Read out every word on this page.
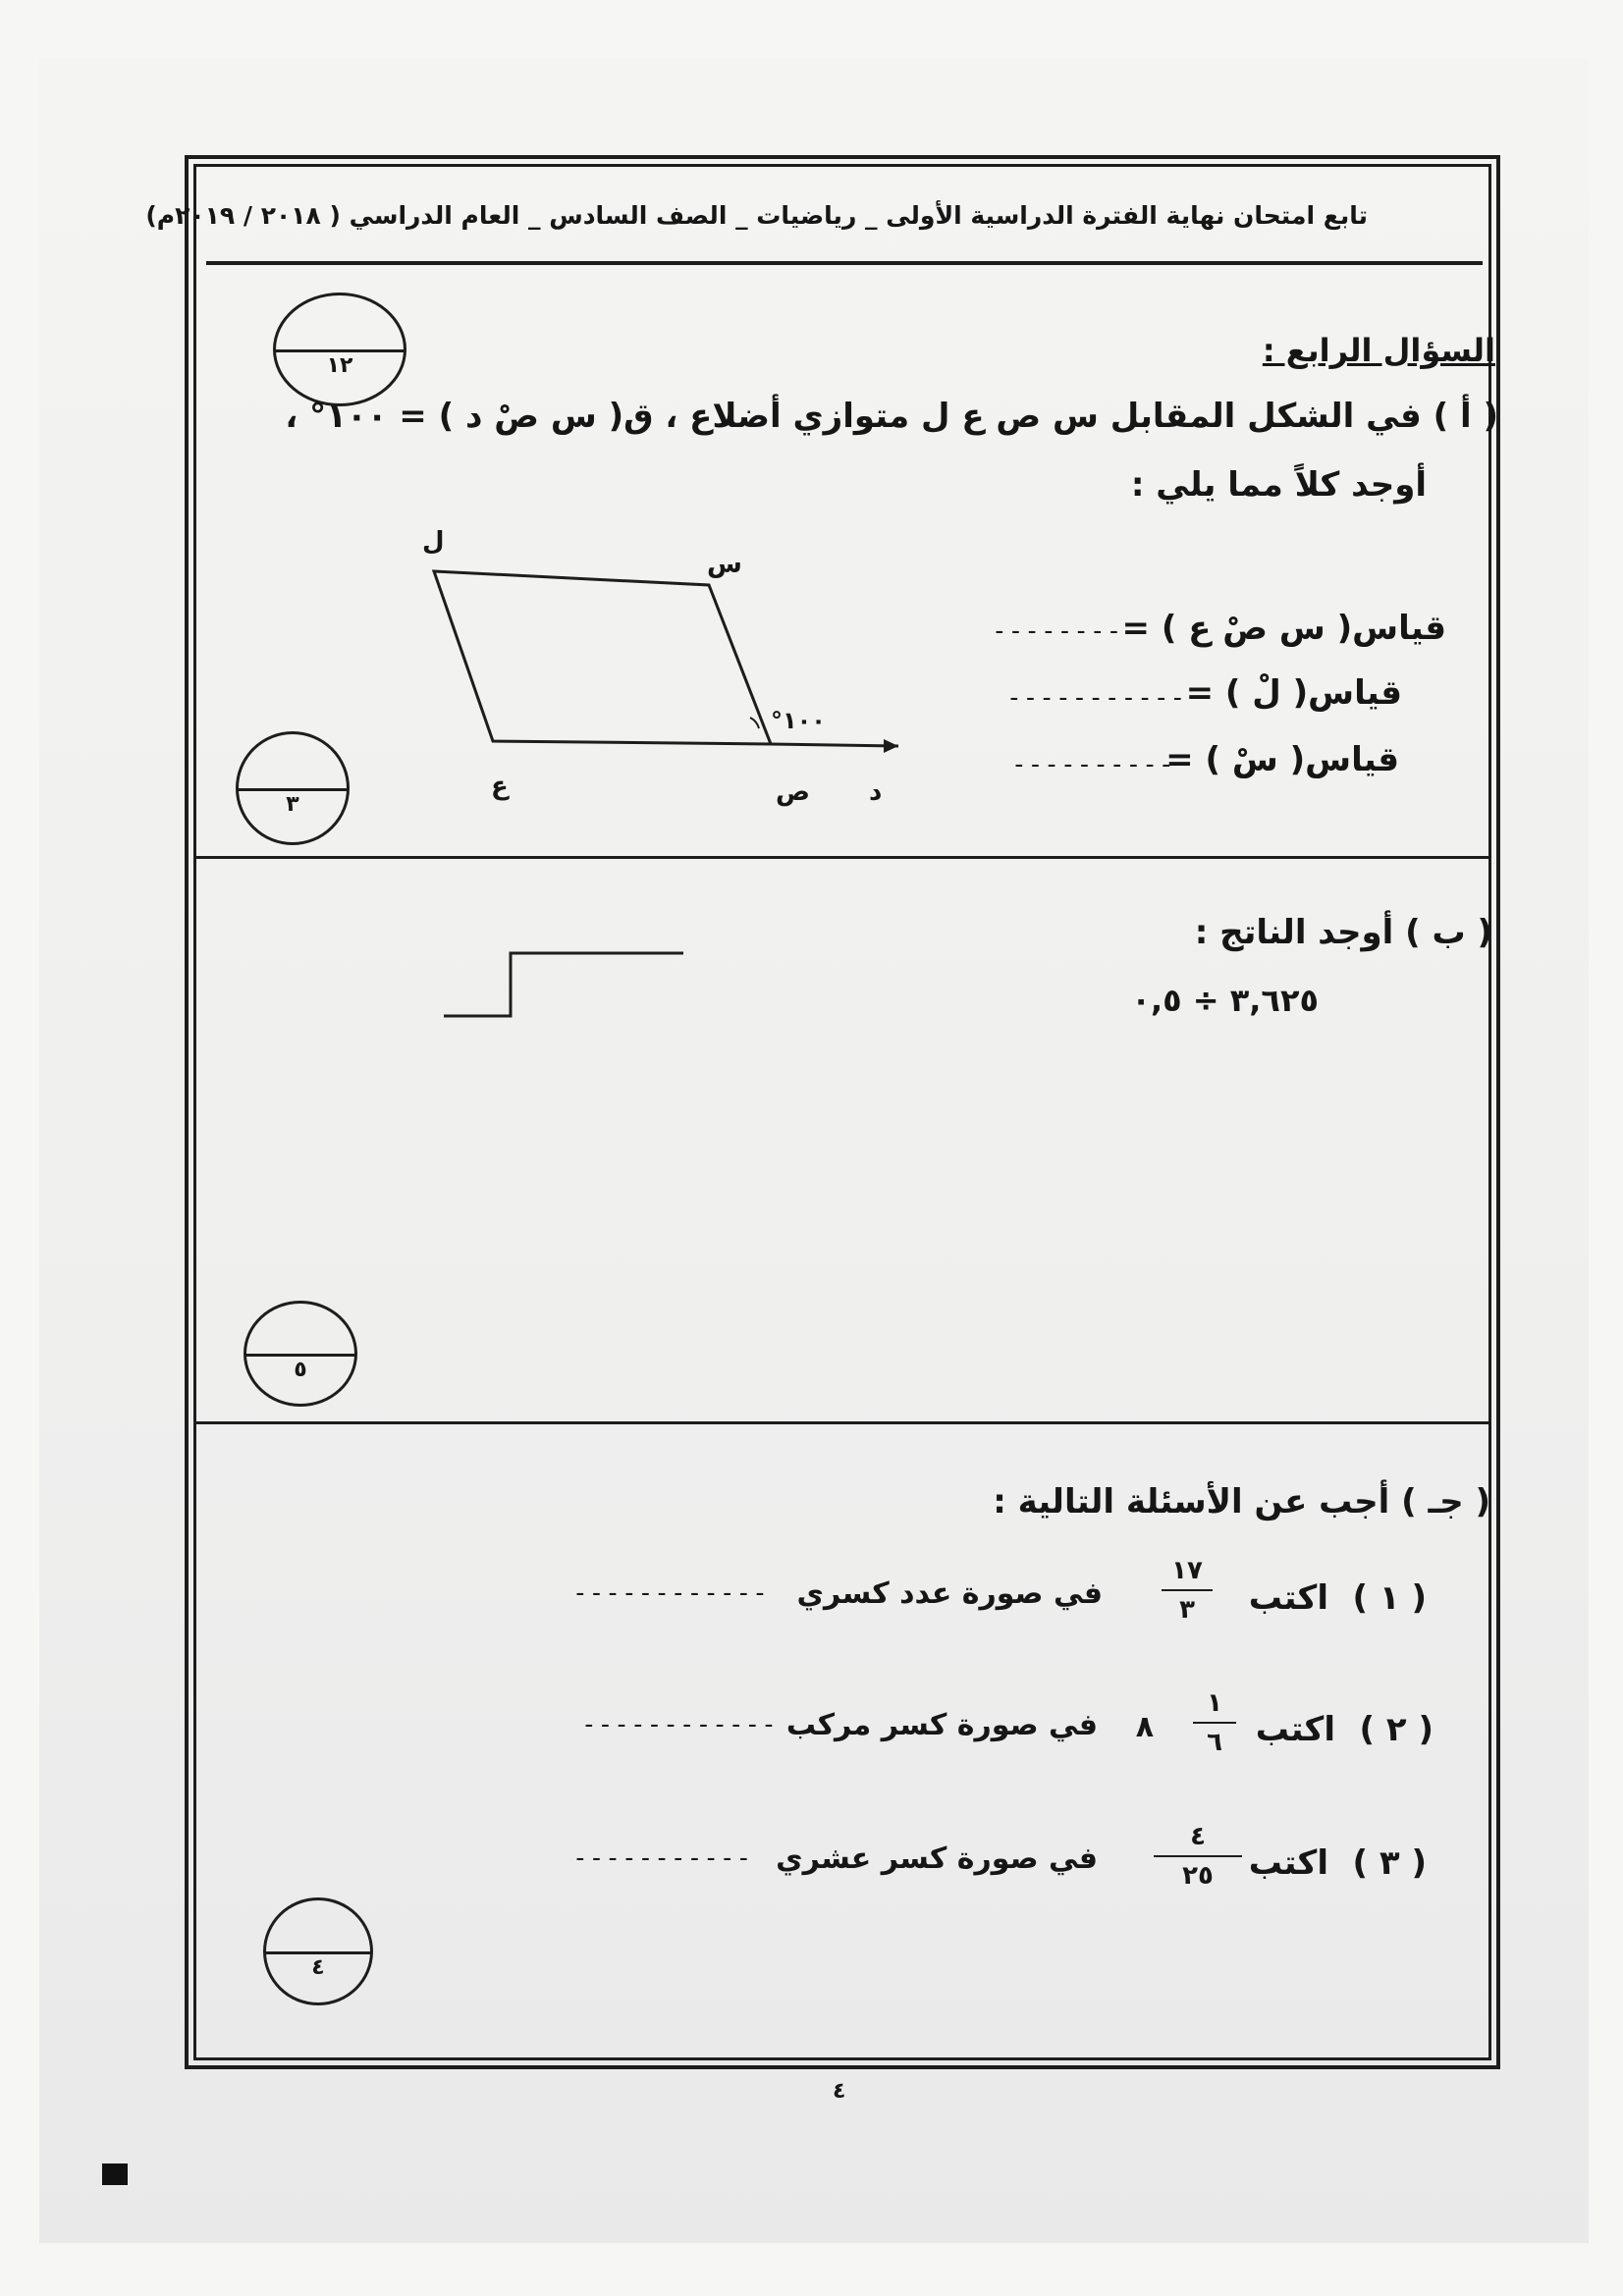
تابع امتحان نهاية الفترة الدراسية الأولى _ رياضيات _ الصف السادس _ العام الدراسي ( ٢٠١٨ / ٢٠١٩م)
١٢	السؤال الرابع :
( أ ) في الشكل المقابل س ص ع ل متوازي أضلاع ، ق( س صْ د ) = ١٠٠° ،
أوجد كلاً مما يلي :
قياس( س صْ ع ) =
--------
قياس( لْ ) =
-----------
قياس( سْ ) =
----------
س
ل
ع	ص د
١٠٠°
٣
( ب ) أوجد الناتج :
٣,٦٢٥ ÷ ٠,٥
٥
( جـ ) أجب عن الأسئلة التالية :
( ١ )
اكتب
١٧
٣
في صورة عدد كسري
------------
( ٢ )
اكتب
١
٦
٨
في صورة كسر مركب
------------
( ٣ )
اكتب
٤
٢٥
في صورة كسر عشري
-----------
٤
٤
